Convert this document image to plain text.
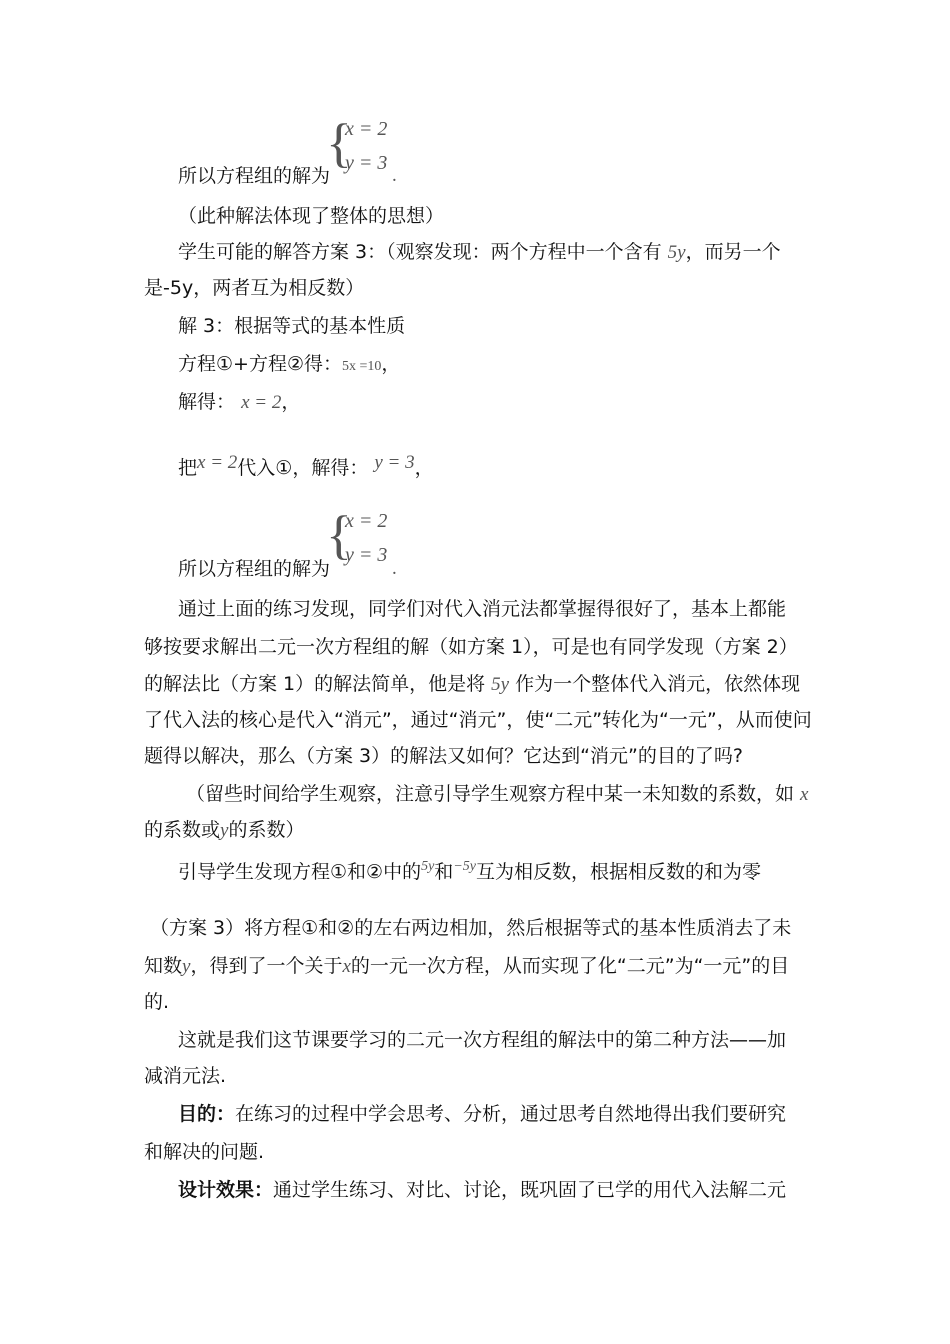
{
x = 2
y = 3
所以方程组的解为	.
（此种解法体现了整体的思想）
学生可能的解答方案 3：（观察发现：两个方程中一个含有 5y，而另一个
是-5y，两者互为相反数）
解 3：根据等式的基本性质
方程①+方程②得：5x =10，
解得： x = 2，
把x = 2代入①，解得： y = 3，
{
x = 2
y = 3
所以方程组的解为	.
通过上面的练习发现，同学们对代入消元法都掌握得很好了，基本上都能
够按要求解出二元一次方程组的解（如方案 1），可是也有同学发现（方案 2）
的解法比（方案 1）的解法简单，他是将 5y 作为一个整体代入消元，依然体现
了代入法的核心是代入“消元”，通过“消元”，使“二元”转化为“一元”，从而使问
题得以解决，那么（方案 3）的解法又如何？它达到“消元”的目的了吗?
（留些时间给学生观察，注意引导学生观察方程中某一未知数的系数，如 x
的系数或y的系数）
引导学生发现方程①和②中的$^{5y}$和$^{-5y}$互为相反数，根据相反数的和为零
（方案 3）将方程①和②的左右两边相加，然后根据等式的基本性质消去了未
知数y，得到了一个关于x的一元一次方程，从而实现了化“二元”为“一元”的目
的.
这就是我们这节课要学习的二元一次方程组的解法中的第二种方法——加
减消元法.
目的：在练习的过程中学会思考、分析，通过思考自然地得出我们要研究
和解决的问题.
设计效果：通过学生练习、对比、讨论，既巩固了已学的用代入法解二元
